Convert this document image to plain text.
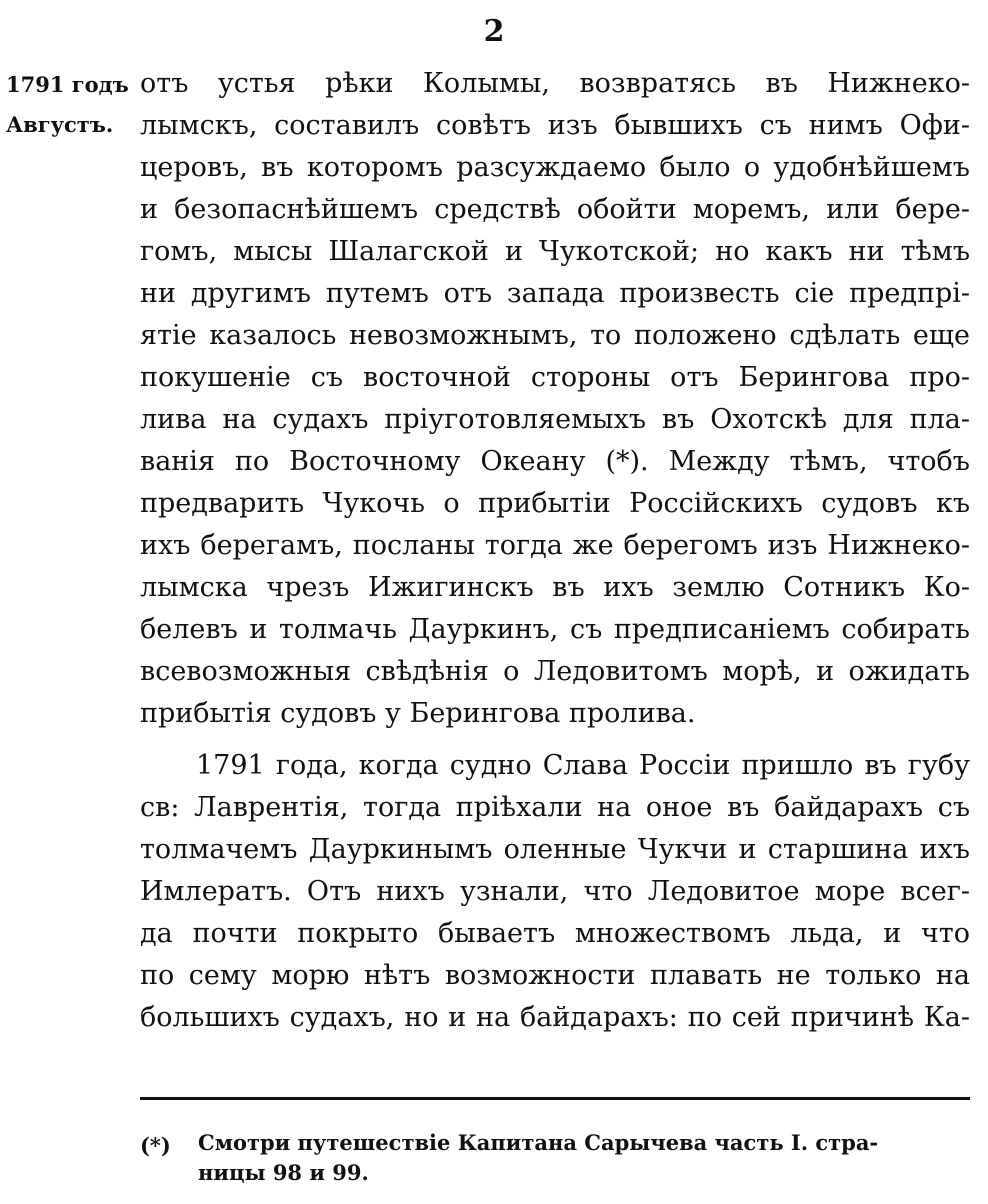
2
1791 годъ
Августъ.
отъ устья рѣки Колымы, возвратясь въ Нижнеко-
лымскъ, составилъ совѣтъ изъ бывшихъ съ нимъ Офи-
церовъ, въ которомъ разсуждаемо было о удобнѣйшемъ
и безопаснѣйшемъ средствѣ обойти моремъ, или бере-
гомъ, мысы Шалагской и Чукотской; но какъ ни тѣмъ
ни другимъ путемъ отъ запада произвесть сіе предпрі-
ятіе казалось невозможнымъ, то положено сдѣлать еще
покушеніе съ восточной стороны отъ Берингова про-
лива на судахъ пріуготовляемыхъ въ Охотскѣ для пла-
ванія по Восточному Океану (*). Между тѣмъ, чтобъ
предварить Чукочь о прибытіи Россійскихъ судовъ къ
ихъ берегамъ, посланы тогда же берегомъ изъ Нижнеко-
лымска чрезъ Ижигинскъ въ ихъ землю Сотникъ Ко-
белевъ и толмачь Дауркинъ, съ предписаніемъ собирать
всевозможныя свѣдѣнія о Ледовитомъ морѣ, и ожидать
прибытія судовъ у Берингова пролива.
1791 года, когда судно Слава Россіи пришло въ губу
св: Лаврентія, тогда пріѣхали на оное въ байдарахъ съ
толмачемъ Дауркинымъ оленные Чукчи и старшина ихъ
Имлератъ. Отъ нихъ узнали, что Ледовитое море всег-
да почти покрыто бываетъ множествомъ льда, и что
по сему морю нѣтъ возможности плавать не только на
большихъ судахъ, но и на байдарахъ: по сей причинѣ Ка-
(*) Смотри путешествіе Капитана Сарычева часть I. стра-
ницы 98 и 99.
